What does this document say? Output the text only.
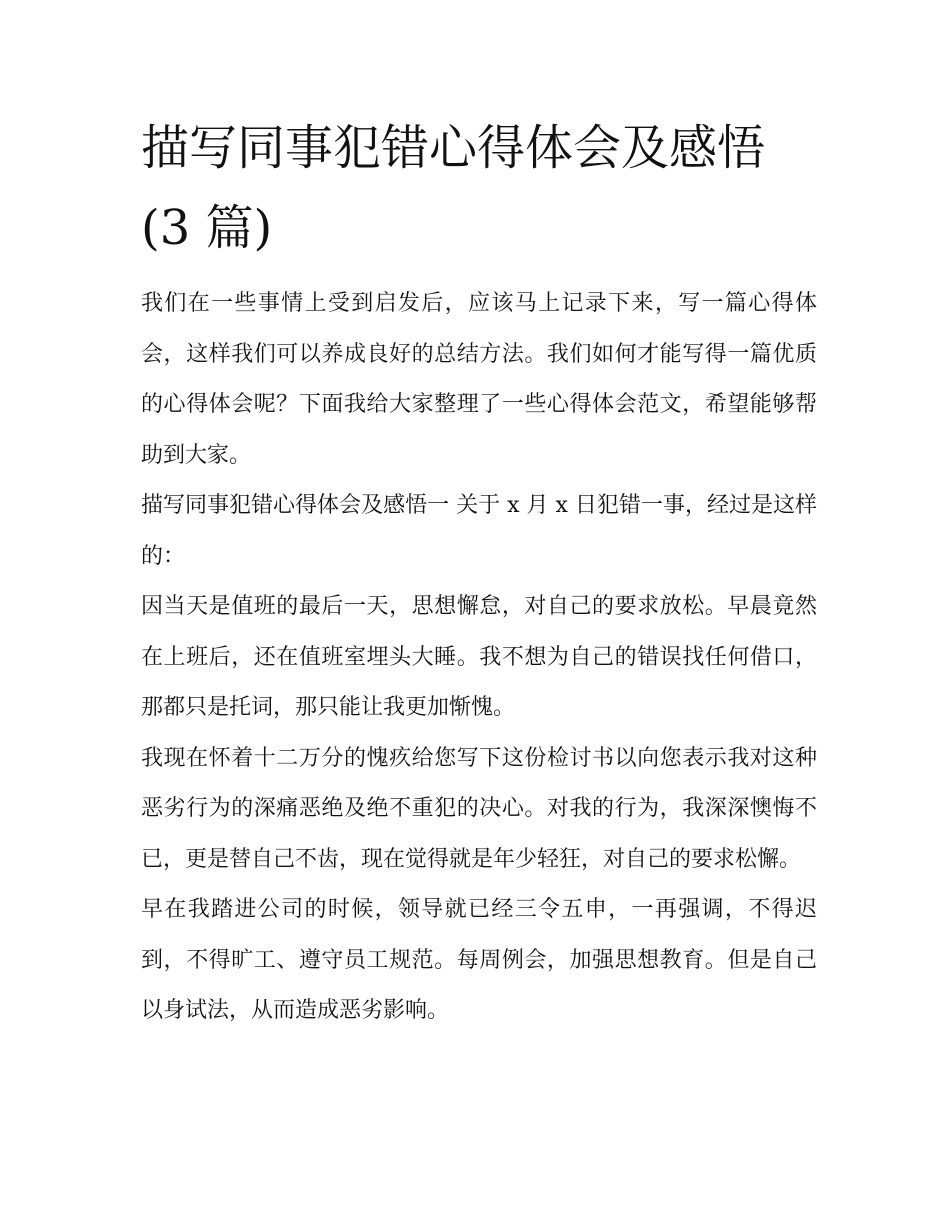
描写同事犯错心得体会及感悟
(3 篇)

我们在一些事情上受到启发后，应该马上记录下来，写一篇心得体会，这样我们可以养成良好的总结方法。我们如何才能写得一篇优质的心得体会呢？下面我给大家整理了一些心得体会范文，希望能够帮助到大家。

描写同事犯错心得体会及感悟一 关于 x 月 x 日犯错一事，经过是这样的：

因当天是值班的最后一天，思想懈怠，对自己的要求放松。早晨竟然在上班后，还在值班室埋头大睡。我不想为自己的错误找任何借口，那都只是托词，那只能让我更加惭愧。

我现在怀着十二万分的愧疚给您写下这份检讨书以向您表示我对这种恶劣行为的深痛恶绝及绝不重犯的决心。对我的行为，我深深懊悔不已，更是替自己不齿，现在觉得就是年少轻狂，对自己的要求松懈。

早在我踏进公司的时候，领导就已经三令五申，一再强调，不得迟到，不得旷工、遵守员工规范。每周例会，加强思想教育。但是自己以身试法，从而造成恶劣影响。
